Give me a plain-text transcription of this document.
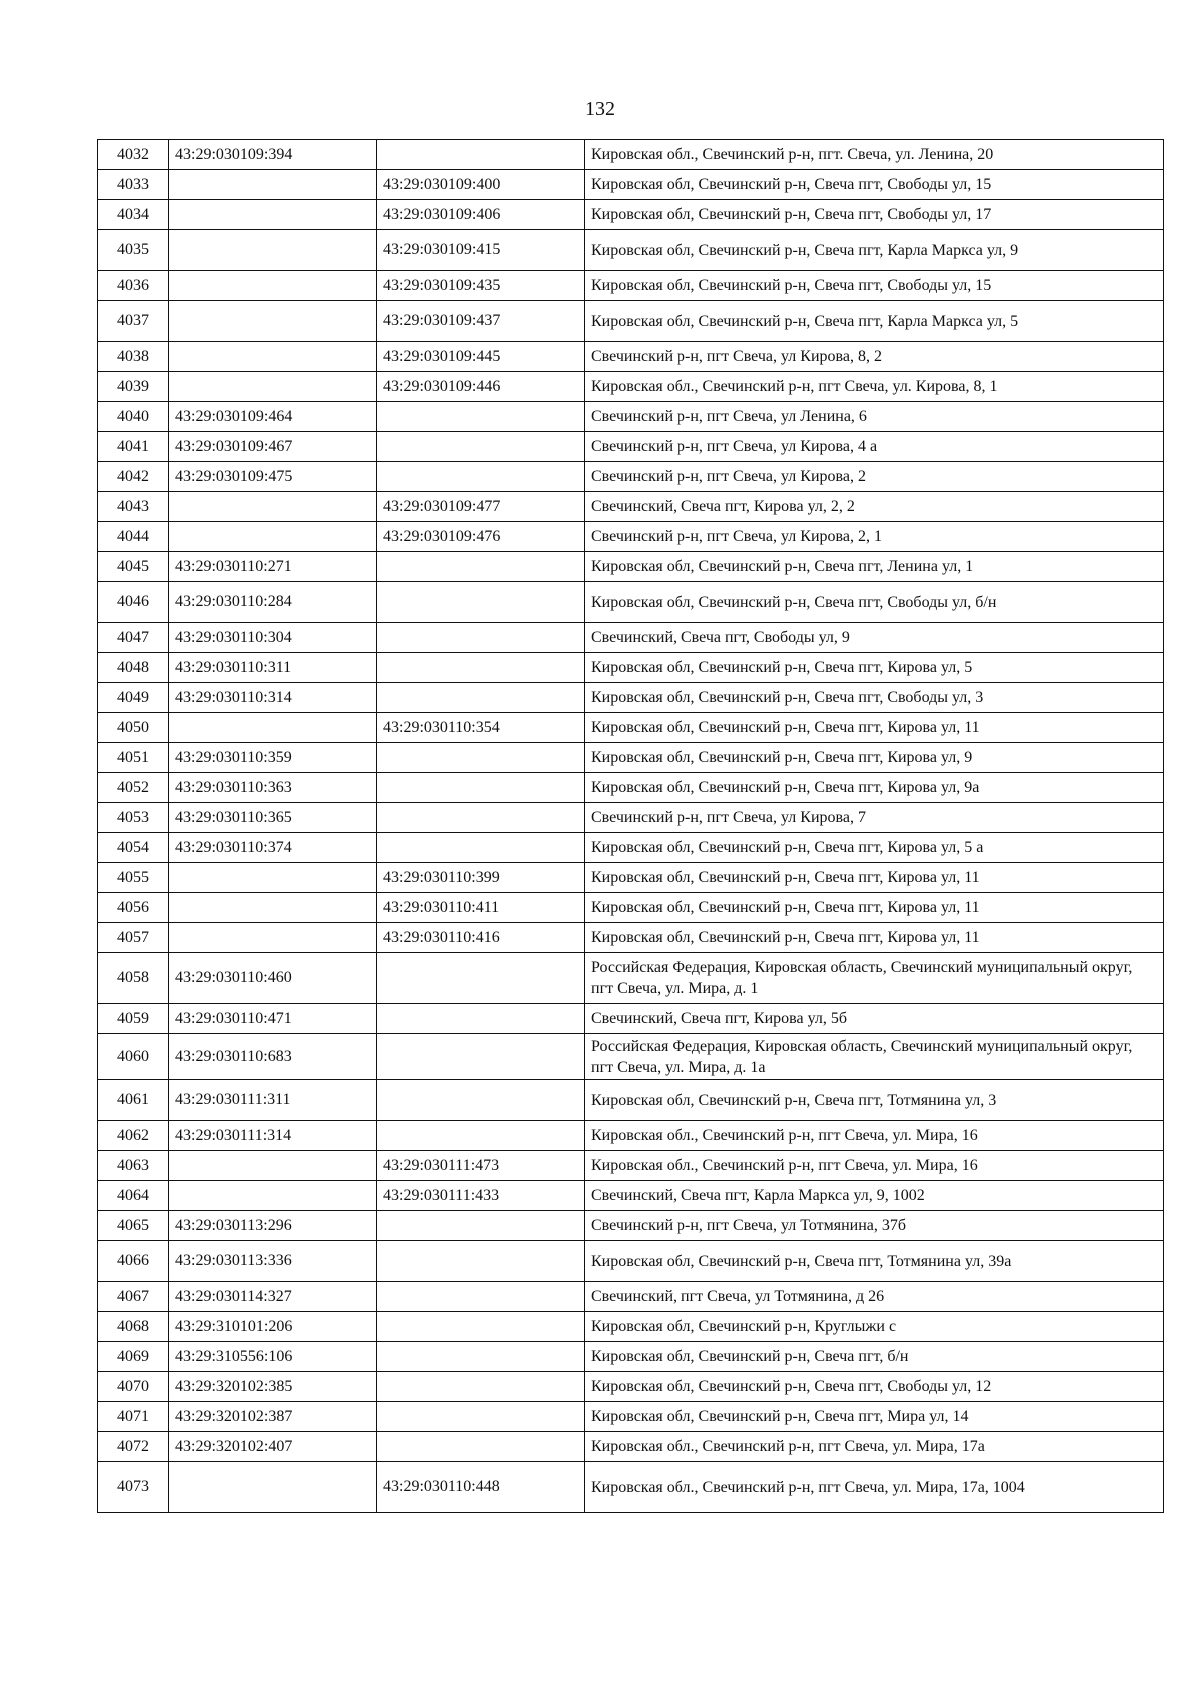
132
4032	43:29:030109:394		Кировская обл., Свечинский р-н, пгт. Свеча, ул. Ленина, 20
4033		43:29:030109:400	Кировская обл, Свечинский р-н, Свеча пгт, Свободы ул, 15
4034		43:29:030109:406	Кировская обл, Свечинский р-н, Свеча пгт, Свободы ул, 17
4035		43:29:030109:415	Кировская обл, Свечинский р-н, Свеча пгт, Карла Маркса ул, 9
4036		43:29:030109:435	Кировская обл, Свечинский р-н, Свеча пгт, Свободы ул, 15
4037		43:29:030109:437	Кировская обл, Свечинский р-н, Свеча пгт, Карла Маркса ул, 5
4038		43:29:030109:445	Свечинский р-н, пгт Свеча, ул Кирова, 8, 2
4039		43:29:030109:446	Кировская обл., Свечинский р-н, пгт Свеча, ул. Кирова, 8, 1
4040	43:29:030109:464		Свечинский р-н, пгт Свеча, ул Ленина, 6
4041	43:29:030109:467		Свечинский р-н, пгт Свеча, ул Кирова, 4 а
4042	43:29:030109:475		Свечинский р-н, пгт Свеча, ул Кирова, 2
4043		43:29:030109:477	Свечинский, Свеча пгт, Кирова ул, 2, 2
4044		43:29:030109:476	Свечинский р-н, пгт Свеча, ул Кирова, 2, 1
4045	43:29:030110:271		Кировская обл, Свечинский р-н, Свеча пгт, Ленина ул, 1
4046	43:29:030110:284		Кировская обл, Свечинский р-н, Свеча пгт, Свободы ул, б/н
4047	43:29:030110:304		Свечинский, Свеча пгт, Свободы ул, 9
4048	43:29:030110:311		Кировская обл, Свечинский р-н, Свеча пгт, Кирова ул, 5
4049	43:29:030110:314		Кировская обл, Свечинский р-н, Свеча пгт, Свободы ул, 3
4050		43:29:030110:354	Кировская обл, Свечинский р-н, Свеча пгт, Кирова ул, 11
4051	43:29:030110:359		Кировская обл, Свечинский р-н, Свеча пгт, Кирова ул, 9
4052	43:29:030110:363		Кировская обл, Свечинский р-н, Свеча пгт, Кирова ул, 9а
4053	43:29:030110:365		Свечинский р-н, пгт Свеча, ул Кирова, 7
4054	43:29:030110:374		Кировская обл, Свечинский р-н, Свеча пгт, Кирова ул, 5 а
4055		43:29:030110:399	Кировская обл, Свечинский р-н, Свеча пгт, Кирова ул, 11
4056		43:29:030110:411	Кировская обл, Свечинский р-н, Свеча пгт, Кирова ул, 11
4057		43:29:030110:416	Кировская обл, Свечинский р-н, Свеча пгт, Кирова ул, 11
4058	43:29:030110:460		Российская Федерация, Кировская область, Свечинский муниципальный округ, пгт Свеча, ул. Мира, д. 1
4059	43:29:030110:471		Свечинский, Свеча пгт, Кирова ул, 5б
4060	43:29:030110:683		Российская Федерация, Кировская область, Свечинский муниципальный округ, пгт Свеча, ул. Мира, д. 1а
4061	43:29:030111:311		Кировская обл, Свечинский р-н, Свеча пгт, Тотмянина ул, 3
4062	43:29:030111:314		Кировская обл., Свечинский р-н, пгт Свеча, ул. Мира, 16
4063		43:29:030111:473	Кировская обл., Свечинский р-н, пгт Свеча, ул. Мира, 16
4064		43:29:030111:433	Свечинский, Свеча пгт, Карла Маркса ул, 9, 1002
4065	43:29:030113:296		Свечинский р-н, пгт Свеча, ул Тотмянина, 37б
4066	43:29:030113:336		Кировская обл, Свечинский р-н, Свеча пгт, Тотмянина ул, 39а
4067	43:29:030114:327		Свечинский, пгт Свеча, ул Тотмянина, д 26
4068	43:29:310101:206		Кировская обл, Свечинский р-н, Круглыжи с
4069	43:29:310556:106		Кировская обл, Свечинский р-н, Свеча пгт, б/н
4070	43:29:320102:385		Кировская обл, Свечинский р-н, Свеча пгт, Свободы ул, 12
4071	43:29:320102:387		Кировская обл, Свечинский р-н, Свеча пгт, Мира ул, 14
4072	43:29:320102:407		Кировская обл., Свечинский р-н, пгт Свеча, ул. Мира, 17а
4073		43:29:030110:448	Кировская обл., Свечинский р-н, пгт Свеча, ул. Мира, 17а, 1004
